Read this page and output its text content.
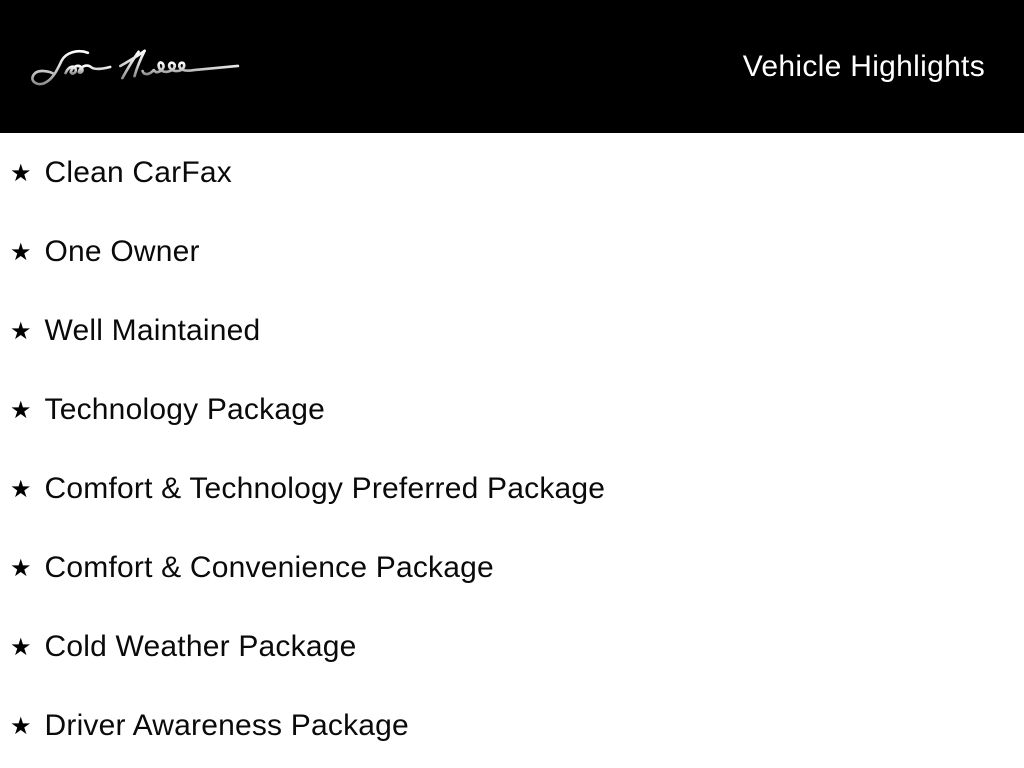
Vehicle Highlights
★ Clean CarFax
★ One Owner
★ Well Maintained
★ Technology Package
★ Comfort & Technology Preferred Package
★ Comfort & Convenience Package
★ Cold Weather Package
★ Driver Awareness Package
